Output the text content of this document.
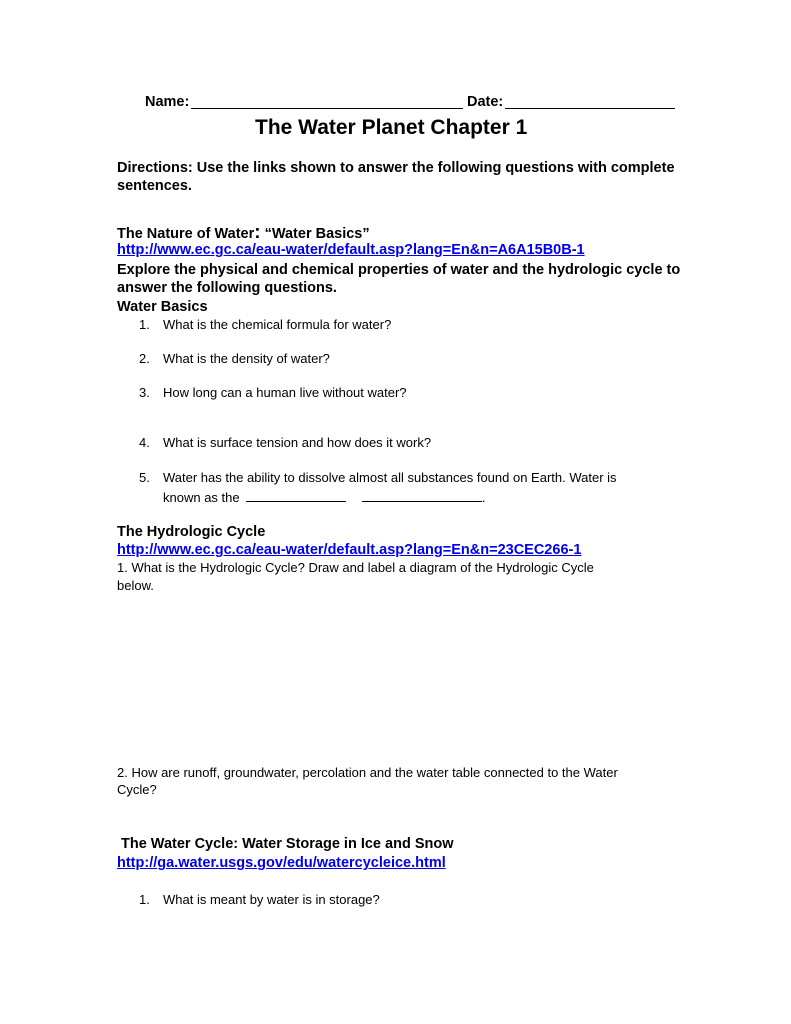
Name:	Date:
The Water Planet Chapter 1
Directions: Use the links shown to answer the following questions with complete
sentences.
The Nature of Water: “Water Basics”
http://www.ec.gc.ca/eau-water/default.asp?lang=En&n=A6A15B0B-1
Explore the physical and chemical properties of water and the hydrologic cycle to
answer the following questions.
Water Basics
1. What is the chemical formula for water?
2. What is the density of water?
3. How long can a human live without water?
4. What is surface tension and how does it work?
5. Water has the ability to dissolve almost all substances found on Earth. Water is
known as the	.
The Hydrologic Cycle
http://www.ec.gc.ca/eau-water/default.asp?lang=En&n=23CEC266-1
1. What is the Hydrologic Cycle? Draw and label a diagram of the Hydrologic Cycle
below.
2. How are runoff, groundwater, percolation and the water table connected to the Water
Cycle?
The Water Cycle: Water Storage in Ice and Snow
http://ga.water.usgs.gov/edu/watercycleice.html
1. What is meant by water is in storage?
